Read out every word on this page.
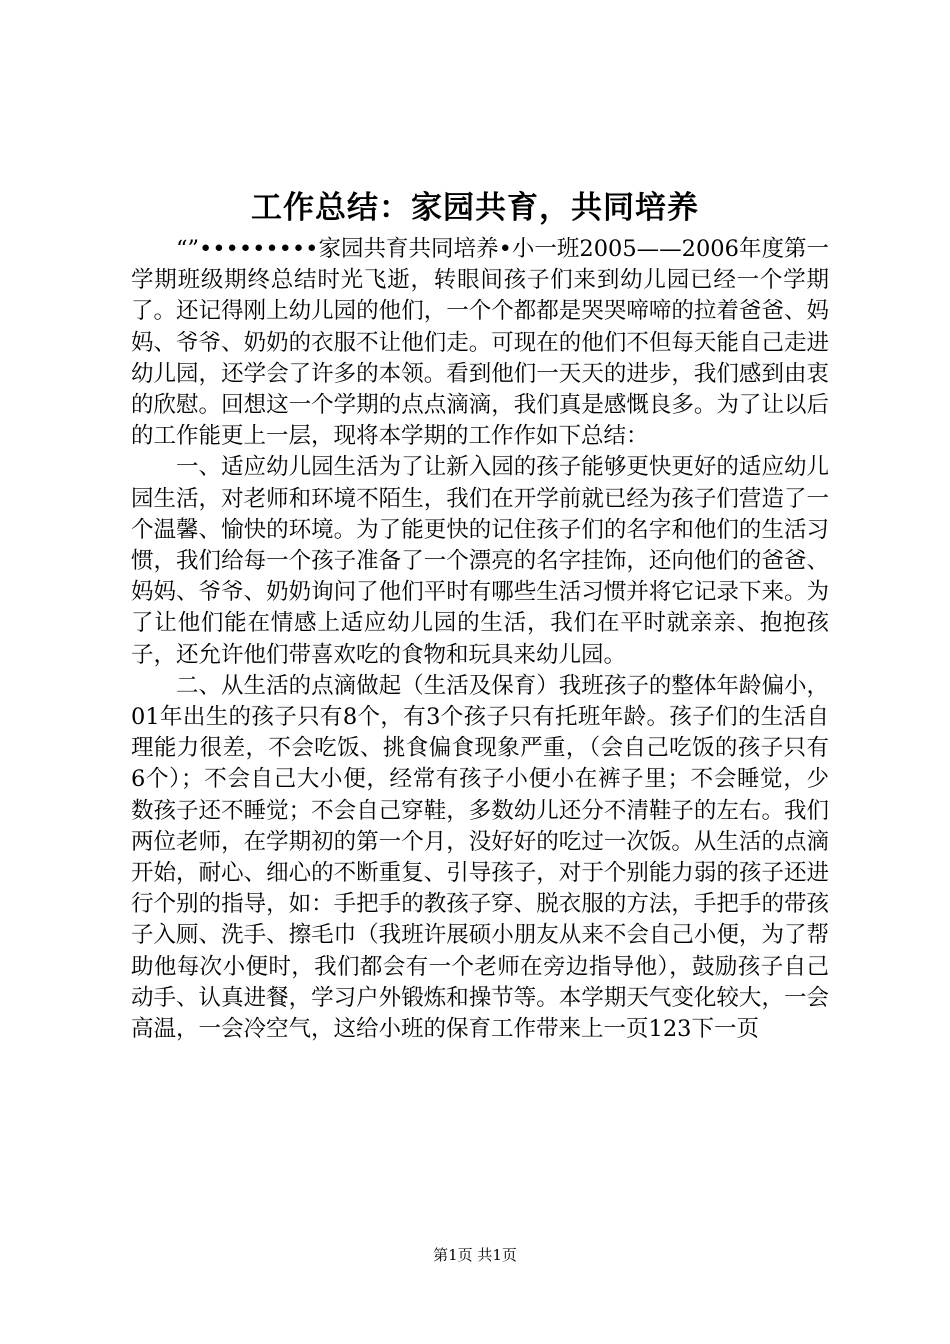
工作总结：家园共育，共同培养

“”•••••••••家园共育共同培养•小一班2005——2006年度第一学期班级期终总结时光飞逝，转眼间孩子们来到幼儿园已经一个学期了。还记得刚上幼儿园的他们，一个个都都是哭哭啼啼的拉着爸爸、妈妈、爷爷、奶奶的衣服不让他们走。可现在的他们不但每天能自己走进幼儿园，还学会了许多的本领。看到他们一天天的进步，我们感到由衷的欣慰。回想这一个学期的点点滴滴，我们真是感慨良多。为了让以后的工作能更上一层，现将本学期的工作作如下总结：

一、适应幼儿园生活为了让新入园的孩子能够更快更好的适应幼儿园生活，对老师和环境不陌生，我们在开学前就已经为孩子们营造了一个温馨、愉快的环境。为了能更快的记住孩子们的名字和他们的生活习惯，我们给每一个孩子准备了一个漂亮的名字挂饰，还向他们的爸爸、妈妈、爷爷、奶奶询问了他们平时有哪些生活习惯并将它记录下来。为了让他们能在情感上适应幼儿园的生活，我们在平时就亲亲、抱抱孩子，还允许他们带喜欢吃的食物和玩具来幼儿园。

二、从生活的点滴做起（生活及保育）我班孩子的整体年龄偏小，01年出生的孩子只有8个，有3个孩子只有托班年龄。孩子们的生活自理能力很差，不会吃饭、挑食偏食现象严重，（会自己吃饭的孩子只有6个）；不会自己大小便，经常有孩子小便小在裤子里；不会睡觉，少数孩子还不睡觉；不会自己穿鞋，多数幼儿还分不清鞋子的左右。我们两位老师，在学期初的第一个月，没好好的吃过一次饭。从生活的点滴开始，耐心、细心的不断重复、引导孩子，对于个别能力弱的孩子还进行个别的指导，如：手把手的教孩子穿、脱衣服的方法，手把手的带孩子入厕、洗手、擦毛巾（我班许展硕小朋友从来不会自己小便，为了帮助他每次小便时，我们都会有一个老师在旁边指导他），鼓励孩子自己动手、认真进餐，学习户外锻炼和操节等。本学期天气变化较大，一会高温，一会冷空气，这给小班的保育工作带来上一页123下一页

第1页 共1页
